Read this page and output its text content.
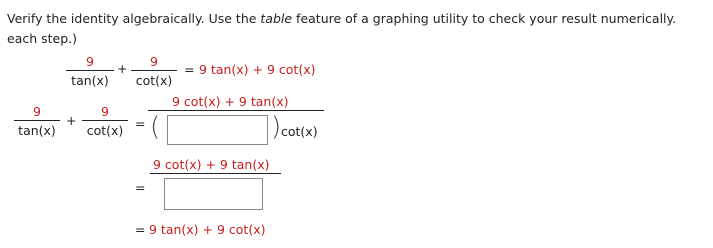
Verify the identity algebraically. Use the table feature of a graphing utility to check your result numerically.
each step.)
9
tan(x)
+	9
cot(x)
= 9 tan(x) + 9 cot(x)
9
tan(x)
+
9
cot(x) =
9 cot(x) + 9 tan(x)
(	) cot(x)
9 cot(x) + 9 tan(x)
=
= 9 tan(x) + 9 cot(x)
